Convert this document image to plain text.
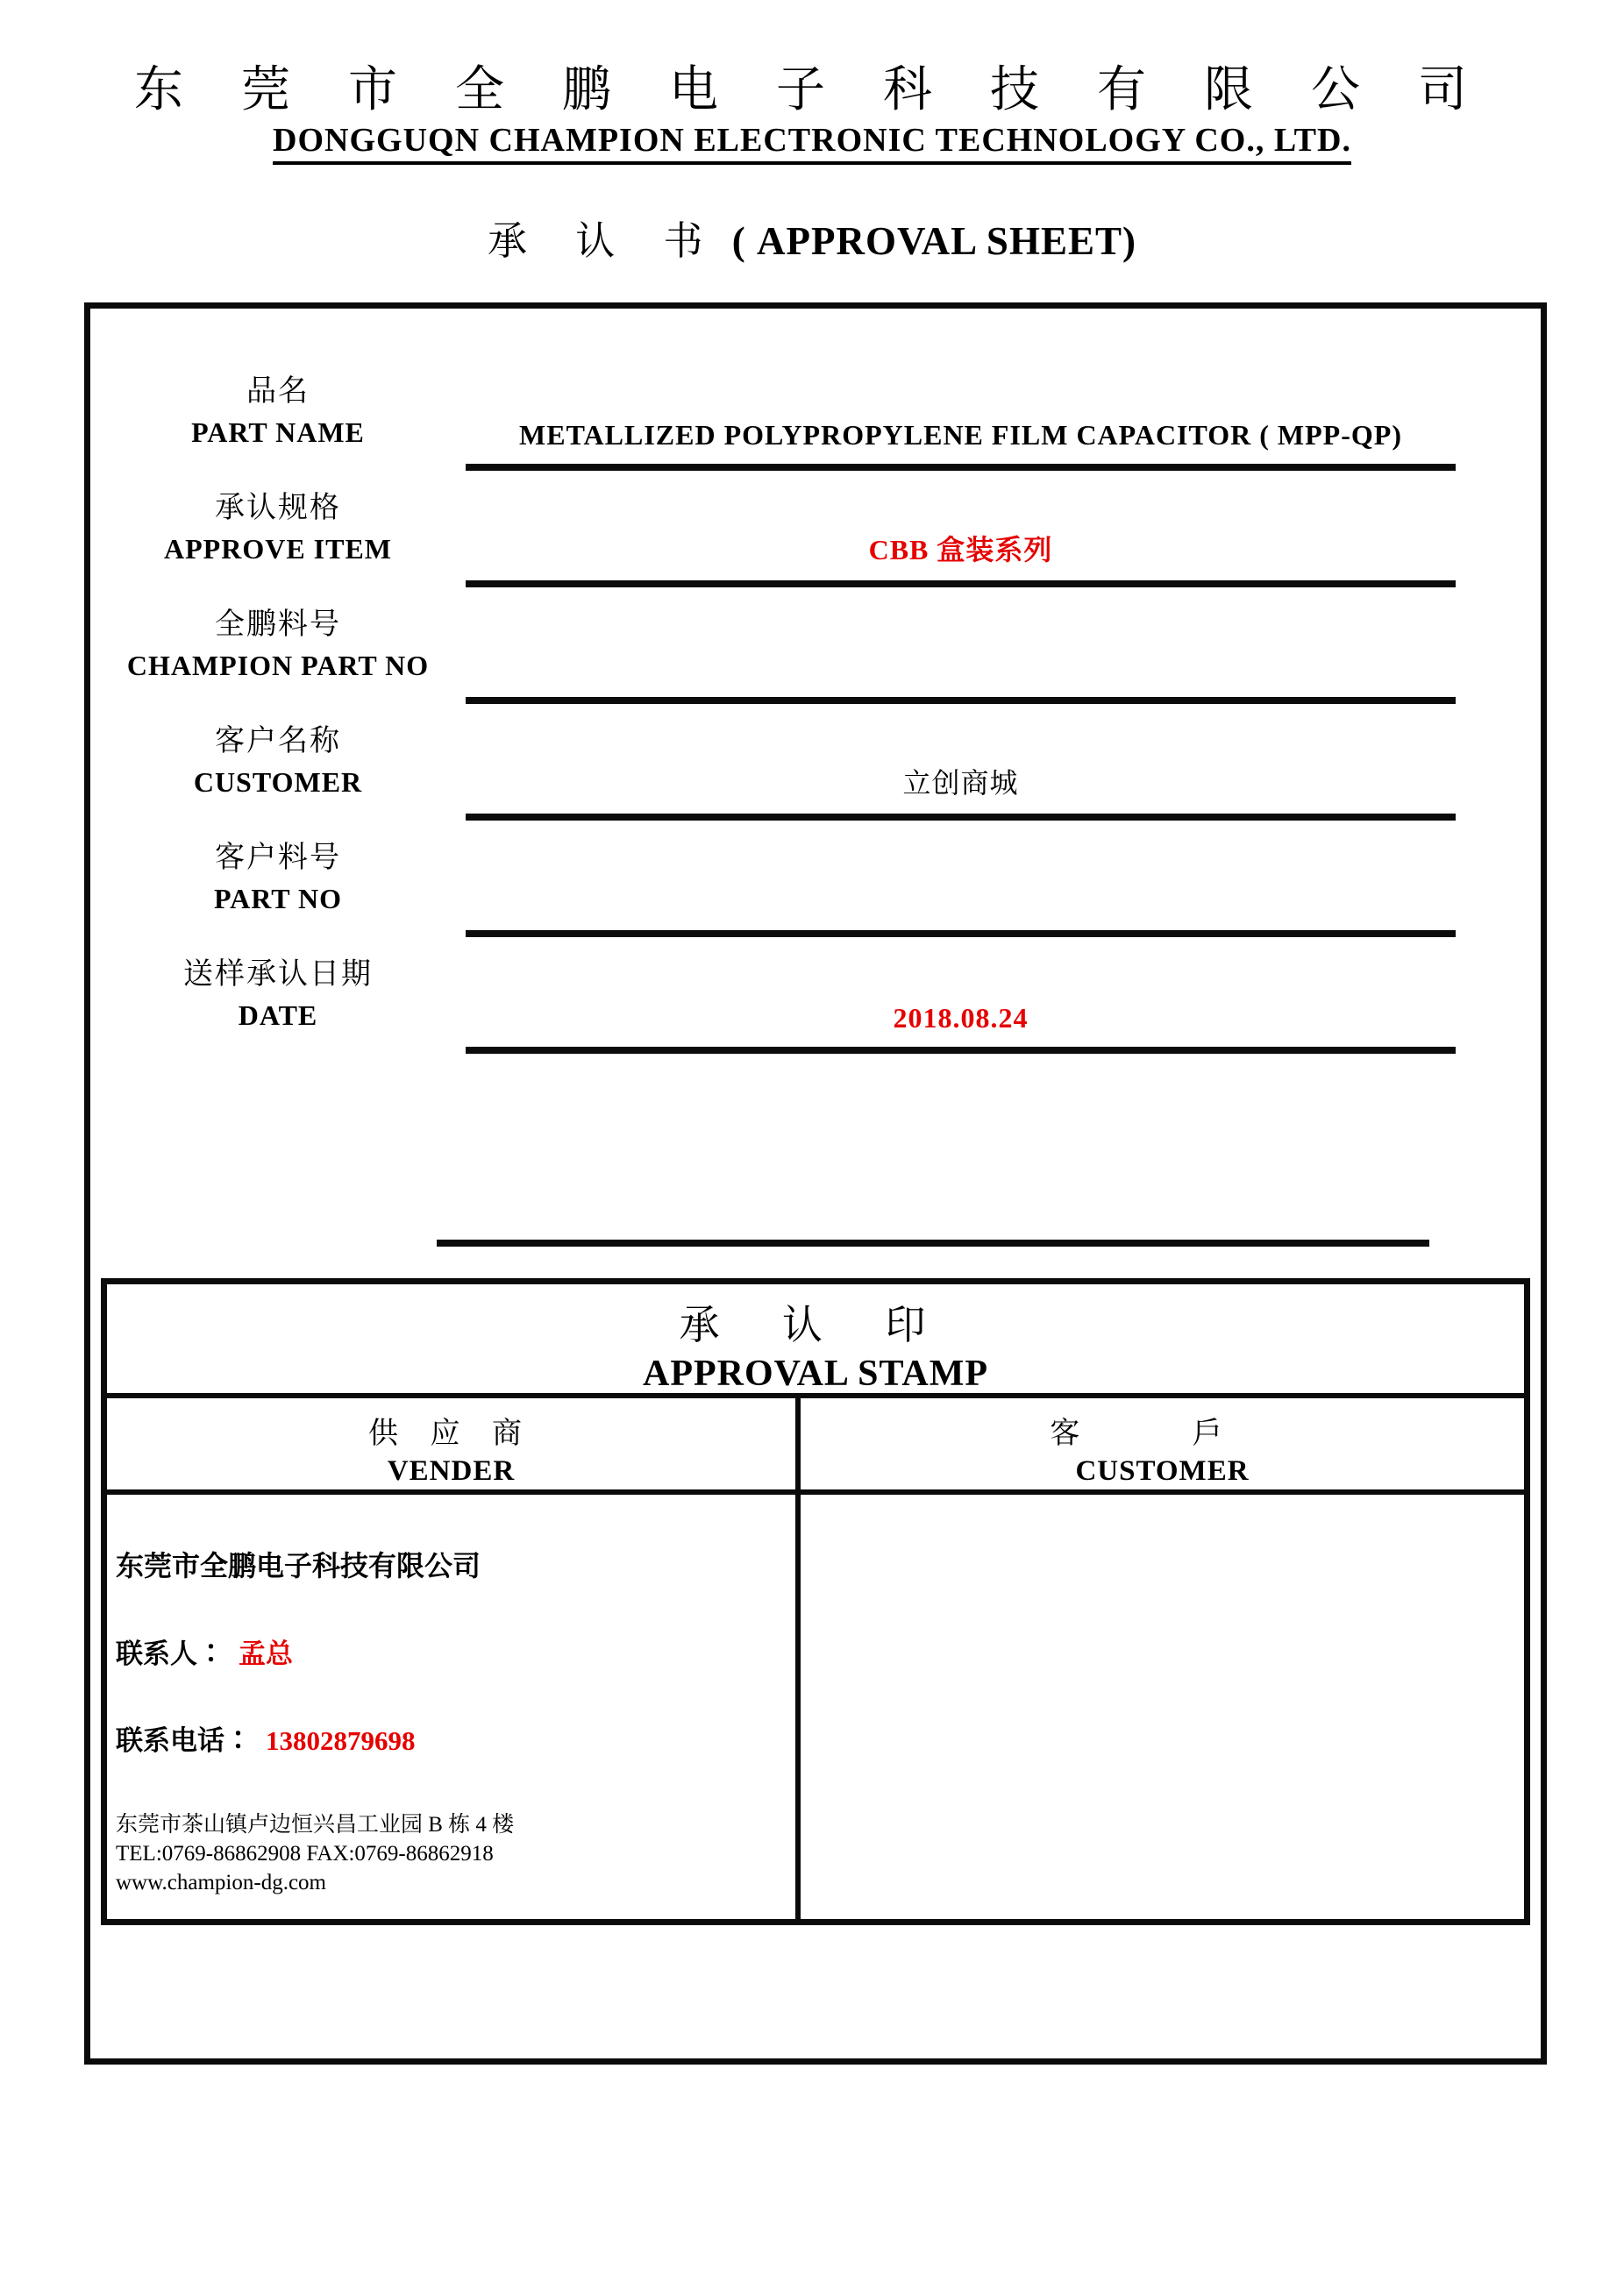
东 莞 市 全 鹏 电 子 科 技 有 限 公 司
DONGGUQN CHAMPION ELECTRONIC TECHNOLOGY CO., LTD.
承 认 书 ( APPROVAL SHEET)
品名
PART NAME	METALLIZED POLYPROPYLENE FILM CAPACITOR ( MPP-QP)
承认规格
APPROVE ITEM	CBB 盒装系列
全鹏料号
CHAMPION PART NO
客户名称
CUSTOMER	立创商城
客户料号
PART NO
送样承认日期
DATE	2018.08.24
承 认 印
APPROVAL STAMP
供 应 商
VENDER
客 戶
CUSTOMER
东莞市全鹏电子科技有限公司
联系人∶ 孟总
联系电话∶ 13802879698
东莞市茶山镇卢边恒兴昌工业园 B 栋 4 楼
TEL:0769-86862908 FAX:0769-86862918
www.champion-dg.com
